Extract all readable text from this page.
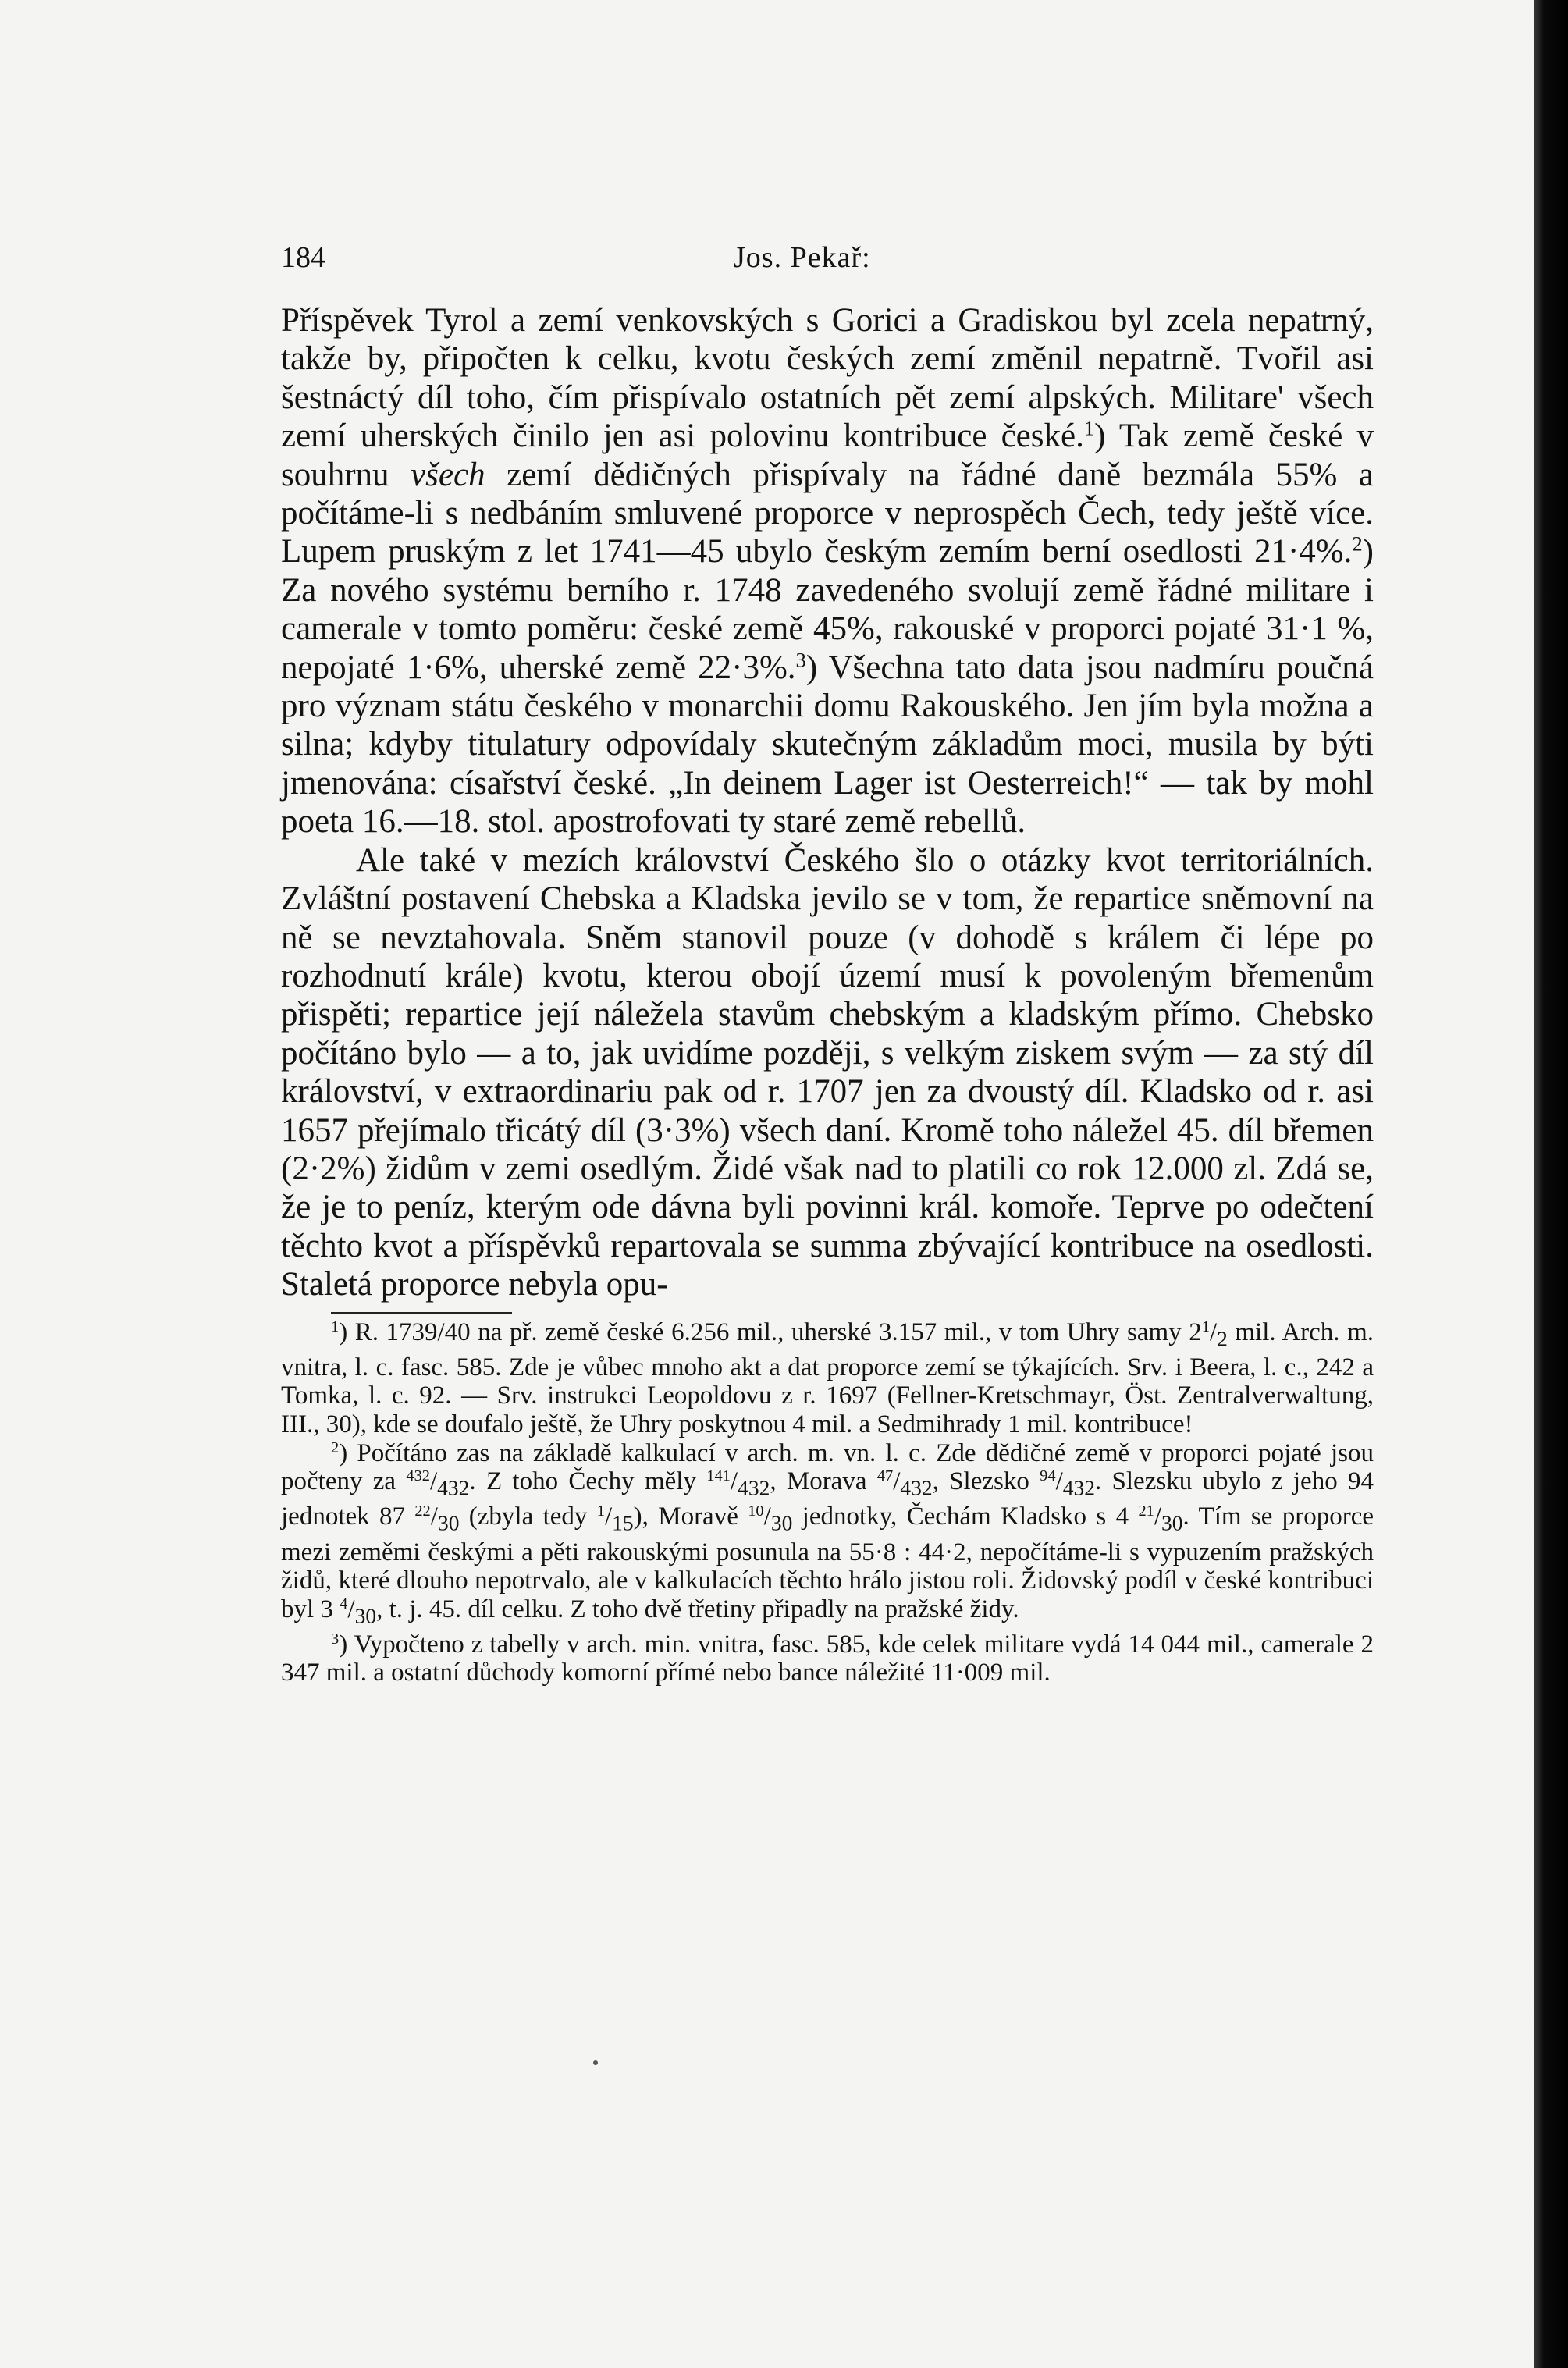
184	Jos. Pekař:

Příspěvek Tyrol a zemí venkovských s Gorici a Gradiskou byl zcela nepatrný, takže by, připočten k celku, kvotu českých zemí změnil nepatrně. Tvořil asi šestnáctý díl toho, čím přispívalo ostatních pět zemí alpských. Militare' všech zemí uherských činilo jen asi polovinu kontribuce české.$^1$) Tak země české v souhrnu všech zemí dědičných přispívaly na řádné daně bezmála 55% a počítáme-li s nedbáním smluvené proporce v neprospěch Čech, tedy ještě více. Lupem pruským z let 1741—45 ubylo českým zemím berní osedlosti 21·4%.$^2$) Za nového systému berního r. 1748 zavedeného svolují země řádné militare i camerale v tomto poměru: české země 45%, rakouské v proporci pojaté 31·1 %, nepojaté 1·6%, uherské země 22·3%.$^3$) Všechna tato data jsou nadmíru poučná pro význam státu českého v monarchii domu Rakouského. Jen jím byla možna a silna; kdyby titulatury odpovídaly skutečným základům moci, musila by býti jmenována: císařství české. „In deinem Lager ist Oesterreich!“ — tak by mohl poeta 16.—18. stol. apostrofovati ty staré země rebellů.

Ale také v mezích království Českého šlo o otázky kvot territoriálních. Zvláštní postavení Chebska a Kladska jevilo se v tom, že repartice sněmovní na ně se nevztahovala. Sněm stanovil pouze (v dohodě s králem či lépe po rozhodnutí krále) kvotu, kterou obojí území musí k povoleným břemenům přispěti; repartice její náležela stavům chebským a kladským přímo. Chebsko počítáno bylo — a to, jak uvidíme později, s velkým ziskem svým — za stý díl království, v extraordinariu pak od r. 1707 jen za dvoustý díl. Kladsko od r. asi 1657 přejímalo třicátý díl (3·3%) všech daní. Kromě toho náležel 45. díl břemen (2·2%) židům v zemi osedlým. Židé však nad to platili co rok 12.000 zl. Zdá se, že je to peníz, kterým ode dávna byli povinni král. komoře. Teprve po odečtení těchto kvot a příspěvků repartovala se summa zbývající kontribuce na osedlosti. Staletá proporce nebyla opu-

$^1$) R. 1739/40 na př. země české 6.256 mil., uherské 3.157 mil., v tom Uhry samy $2^1/_2$ mil. Arch. m. vnitra, l. c. fasc. 585. Zde je vůbec mnoho akt a dat proporce zemí se týkajících. Srv. i Beera, l. c., 242 a Tomka, l. c. 92. — Srv. instrukci Leopoldovu z r. 1697 (Fellner-Kretschmayr, Öst. Zentralverwaltung, III., 30), kde se doufalo ještě, že Uhry poskytnou 4 mil. a Sedmihrady 1 mil. kontribuce!

$^2$) Počítáno zas na základě kalkulací v arch. m. vn. l. c. Zde dědičné země v proporci pojaté jsou počteny za $^{432}/_{432}$. Z toho Čechy měly $^{141}/_{432}$, Morava $^{47}/_{432}$, Slezsko $^{94}/_{432}$. Slezsku ubylo z jeho 94 jednotek 87 $^{22}/_{30}$ (zbyla tedy $^1/_{15}$), Moravě $^{10}/_{30}$ jednotky, Čechám Kladsko s 4 $^{21}/_{30}$. Tím se proporce mezi zeměmi českými a pěti rakouskými posunula na 55·8 : 44·2, nepočítáme-li s vypuzením pražských židů, které dlouho nepotrvalo, ale v kalkulacích těchto hrálo jistou roli. Židovský podíl v české kontribuci byl 3 $^4/_{30}$, t. j. 45. díl celku. Z toho dvě třetiny připadly na pražské židy.

$^3$) Vypočteno z tabelly v arch. min. vnitra, fasc. 585, kde celek militare vydá 14 044 mil., camerale 2 347 mil. a ostatní důchody komorní přímé nebo bance náležité 11·009 mil.
